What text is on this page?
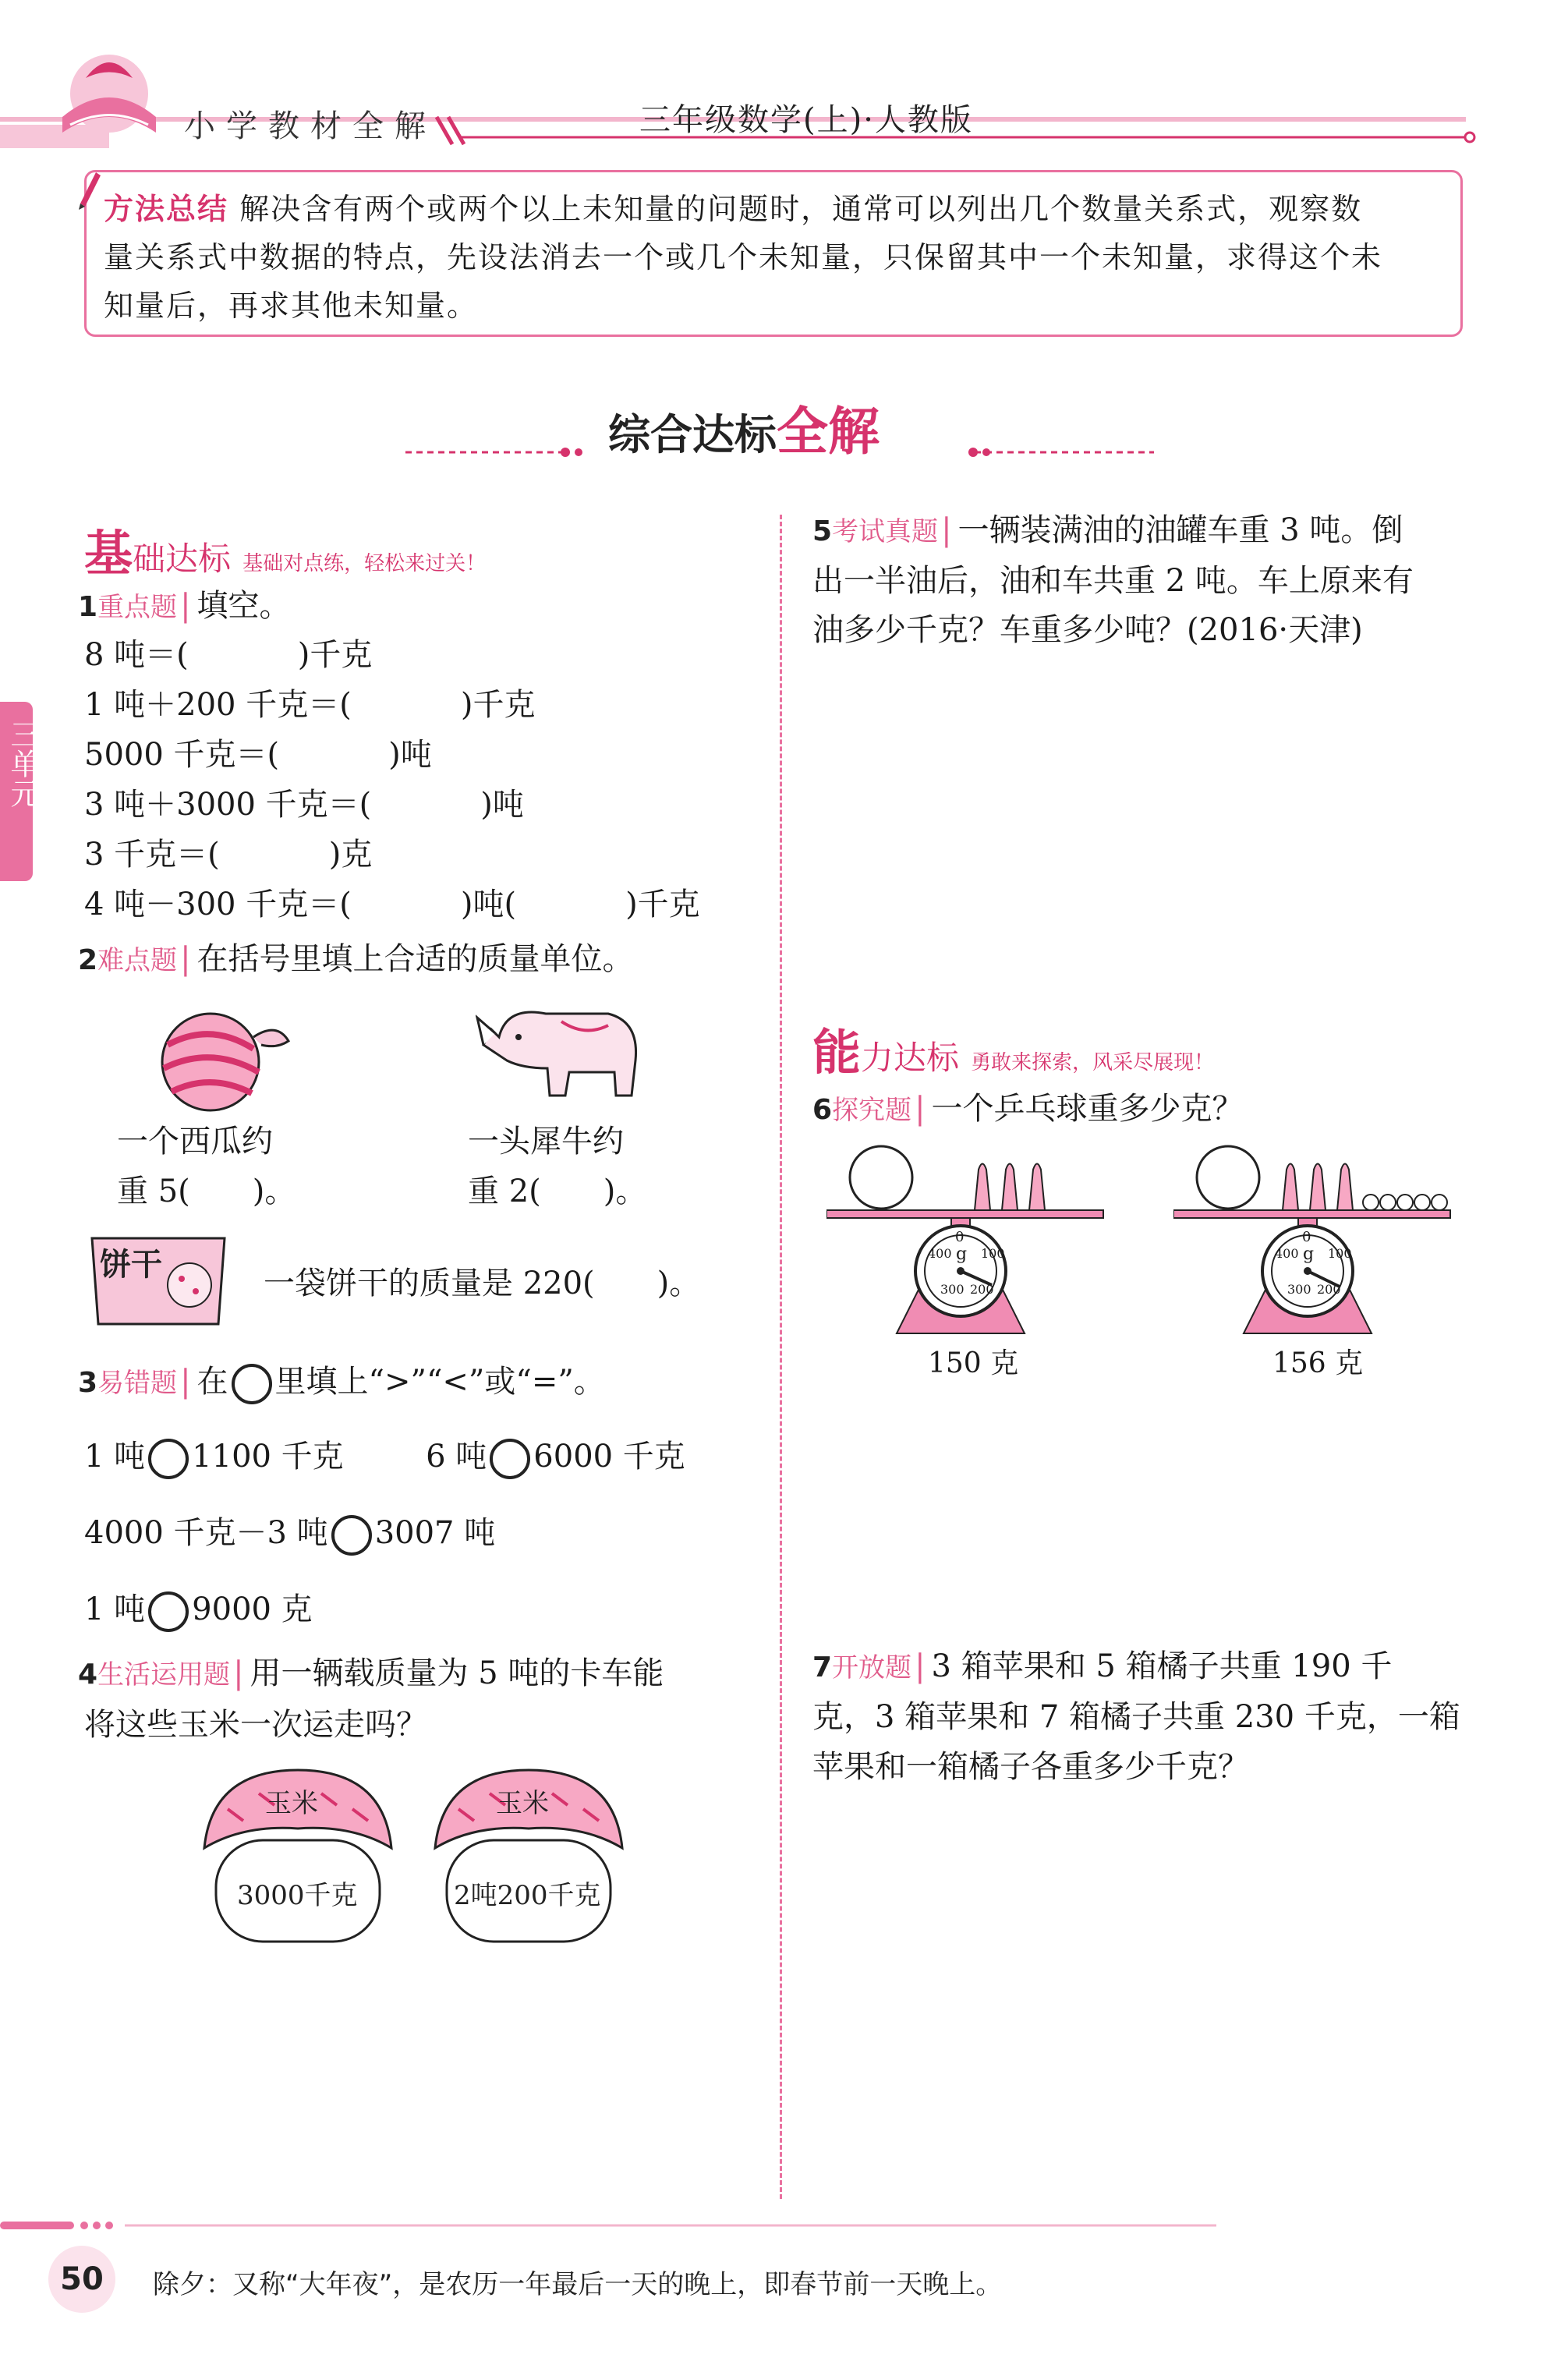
小学教材全解	三年级数学(上)·人教版
三单元
方法总结 解决含有两个或两个以上未知量的问题时，通常可以列出几个数量关系式，观察数
量关系式中数据的特点，先设法消去一个或几个未知量，只保留其中一个未知量，求得这个未
知量后，再求其他未知量。
综合达标全解
基础达标 基础对点练，轻松来过关！
1重点题 | 填空。
8 吨＝(	)千克
1 吨＋200 千克＝(	)千克
5000 千克＝(	)吨
3 吨＋3000 千克＝(	)吨
3 千克＝(	)克
4 吨－300 千克＝(	)吨(	)千克
2难点题 | 在括号里填上合适的质量单位。
一个西瓜约
重 5(　　)。
一头犀牛约
重 2(　　)。
饼干
一袋饼干的质量是 220(　　)。
3易错题 | 在 里填上“>”“<”或“=”。
1 吨 1100 千克	6 吨 6000 千克
4000 千克－3 吨 3007 吨
1 吨 9000 克
4生活运用题 | 用一辆载质量为 5 吨的卡车能
将这些玉米一次运走吗？
玉米
3000千克
玉米
2吨200千克
5考试真题 | 一辆装满油的油罐车重 3 吨。倒
出一半油后，油和车共重 2 吨。车上原来有
油多少千克？车重多少吨？(2016·天津)
能力达标 勇敢来探索，风采尽展现！
6探究题 | 一个乒乓球重多少克？
0
g 100
200
300
400
150 克
0
g 100
200
300
400
156 克
7开放题 | 3 箱苹果和 5 箱橘子共重 190 千
克，3 箱苹果和 7 箱橘子共重 230 千克，一箱
苹果和一箱橘子各重多少千克？
50 除夕：又称“大年夜”，是农历一年最后一天的晚上，即春节前一天晚上。
